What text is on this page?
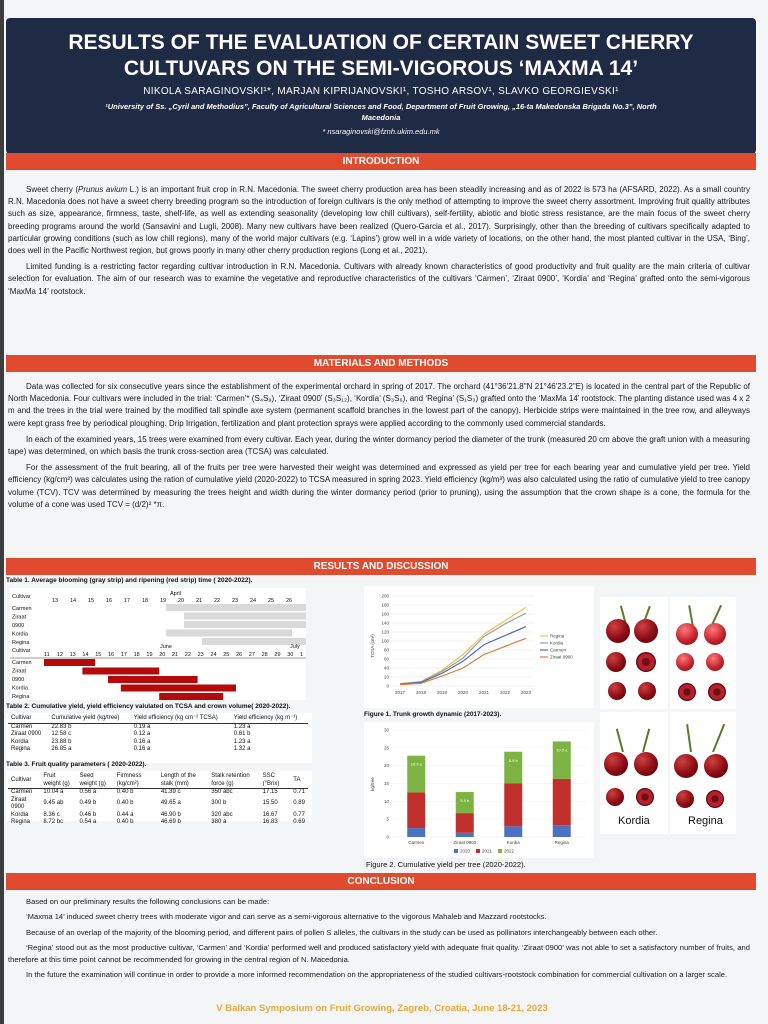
RESULTS OF THE EVALUATION OF CERTAIN SWEET CHERRY
CULTUVARS ON THE SEMI-VIGOROUS ‘MAXMA 14’
NIKOLA SARAGINOVSKI¹*, MARJAN KIPRIJANOVSKI¹, TOSHO ARSOV¹, SLAVKO GEORGIEVSKI¹
¹University of Ss. „Cyril and Methodius”, Faculty of Agricultural Sciences and Food, Department of Fruit Growing, „16-ta Makedonska Brigada No.3”, North Macedonia
* nsaraginovski@fznh.ukim.edu.mk
INTRODUCTION

Sweet cherry (Prunus avium L.) is an important fruit crop in R.N. Macedonia. The sweet cherry production area has been steadily increasing and as of 2022 is 573 ha (AFSARD, 2022). As a small country R.N. Macedonia does not have a sweet cherry breeding program so the introduction of foreign cultivars is the only method of attempting to improve the sweet cherry assortment. Improving fruit quality attributes such as size, appearance, firmness, taste, shelf-life, as well as extending seasonality (developing low chill cultivars), self-fertility, abiotic and biotic stress resistance, are the main focus of the sweet cherry breeding programs around the world (Sansavini and Lugli, 2008). Many new cultivars have been realized (Quero-Garcia et al., 2017). Surprisingly, other than the breeding of cultivars specifically adapted to particular growing conditions (such as low chill regions), many of the world major cultivars (e.g. ‘Lapins’) grow well in a wide variety of locations, on the other hand, the most planted cultivar in the USA, ‘Bing’, does well in the Pacific Northwest region, but grows poorly in many other cherry production regions (Long et al., 2021).

Limited funding is a restricting factor regarding cultivar introduction in R.N. Macedonia. Cultivars with already known characteristics of good productivity and fruit quality are the main criteria of cultivar selection for evaluation. The aim of our research was to examine the vegetative and reproductive characteristics of the cultivars ‘Carmen’, ‘Ziraat 0900’, ‘Kordia’ and ‘Regina’ grafted onto the semi-vigorous ‘MaxMa 14’ rootstock.

MATERIALS AND METHODS

Data was collected for six consecutive years since the establishment of the experimental orchard in spring of 2017. The orchard (41°36'21.8"N 21°46'23.2"E) is located in the central part of the Republic of North Macedonia. Four cultivars were included in the trial: ‘Carmen’* (S₄S₉), ‘Ziraat 0900’ (S₃S₁₂), ‘Kordia’ (S₃S₆), and ‘Regina’ (S₁S₃) grafted onto the ‘MaxMa 14’ rootstock. The planting distance used was 4 x 2 m and the trees in the trial were trained by the modified tall spindle axe system (permanent scaffold branches in the lowest part of the canopy). Herbicide strips were maintained in the tree row, and alleyways were kept grass free by periodical ploughing. Drip Irrigation, fertilization and plant protection sprays were applied according to the commonly used commercial standards.

In each of the examined years, 15 trees were examined from every cultivar. Each year, during the winter dormancy period the diameter of the trunk (measured 20 cm above the graft union with a measuring tape) was determined, on which basis the trunk cross-section area (TCSA) was calculated.

For the assessment of the fruit bearing, all of the fruits per tree were harvested their weight was determined and expressed as yield per tree for each bearing year and cumulative yield per tree. Yield efficiency (kg/cm²) was calculates using the ration of cumulative yield (2020-2022) to TCSA measured in spring 2023. Yield efficiency (kg/m³) was also calculated using the ratio of cumulative yield to tree canopy volume (TCV). TCV was determined by measuring the trees height and width during the winter dormancy period (prior to pruning), using the assumption that the crown shape is a cone, the formula for the volume of a cone was used TCV = (d/2)² *π.

RESULTS AND DISCUSSION
Table 1. Average blooming (gray strip) and ripening (red strip) time ( 2020-2022).
April
Cultivar
13 14 15 16 17 18 19 20 21 22 23 24 25 26
Carmen
Ziraat
0900
Kordia
Regina
June	July
Cultivar
11 12 13 14 15 16 17 18 19 20 21 22 23 24 25 26 27 28 29 30 1
Carmen
Ziraat
0900
Kordia
Regina
Table 2. Cumulative yield, yield efficiency valulated on TCSA and crown volume( 2020-2022).
Cultivar	Cumulative yield (kg/tree)	Yield efficiency (kg cm⁻² TCSA)	Yield efficiency (kg m⁻³)
Carmen	22.83 b	0.19 a	1.23 a
Ziraat 0900	12.58 c	0.12 a	0.61 b
Kordia	23.88 b	0.16 a	1.23 a
Regina	26.85 a	0.16 a	1.32 a
Table 3. Fruit quality parameters ( 2020-2022).
Cultivar	Fruit weight (g)	Seed weight (g)	Firmness (kg/cm²)	Length of the stalk (mm)	Stalk retention force (g)	SSC (°Brix)	TA
Carmen	10.04 a	0.56 a	0.40 b	41.39 c	350 abc	17.15	0.71
Ziraat 0900	9.45 ab	0.49 b	0.40 b	49.65 a	300 b	15.50	0.89
Kordia	8.36 c	0.46 b	0.44 a	46.90 b	320 abc	16.67	0.77
Regina	8.72 bc	0.54 a	0.40 b	46.69 b	380 a	16.83	0.69
0
20
40
60
80
100
120
140
160
180
200
TCSA (cm²)
2017 2018 2019 2020 2021 2022 2023
Regina
Kordia
Carmen
Ziraat 0900
Figure 1. Trunk growth dynamic (2017-2023).
0
5
10
15
20
25
30
kg/tree
10.3 a
Carmen
5.9 b
Ziraat 0900
8.9 b
Kordia
10.5 a
Regina
2020	2021	2022
Figure 2. Cumulative yield per tree (2020-2022).
Kordia	Regina
CONCLUSION

Based on our preliminary results the following conclusions can be made:

‘Maxma 14’ induced sweet cherry trees with moderate vigor and can serve as a semi-vigorous alternative to the vigorous Mahaleb and Mazzard rootstocks.

Because of an overlap of the majority of the blooming period, and different pairs of pollen S alleles, the cultivars in the study can be used as pollinators interchangeably between each other.

‘Regina’ stood out as the most productive cultivar, ‘Carmen’ and ‘Kordia’ performed well and produced satisfactory yield with adequate fruit quality. ‘Ziraat 0900’ was not able to set a satisfactory number of fruits, and therefore at this time point cannot be recommended for growing in the central region of N. Macedonia.

In the future the examination will continue in order to provide a more informed recommendation on the appropriateness of the studied cultivars-rootstock combination for commercial cultivation on a larger scale.

V Balkan Symposium on Fruit Growing, Zagreb, Croatia, June 18-21, 2023
